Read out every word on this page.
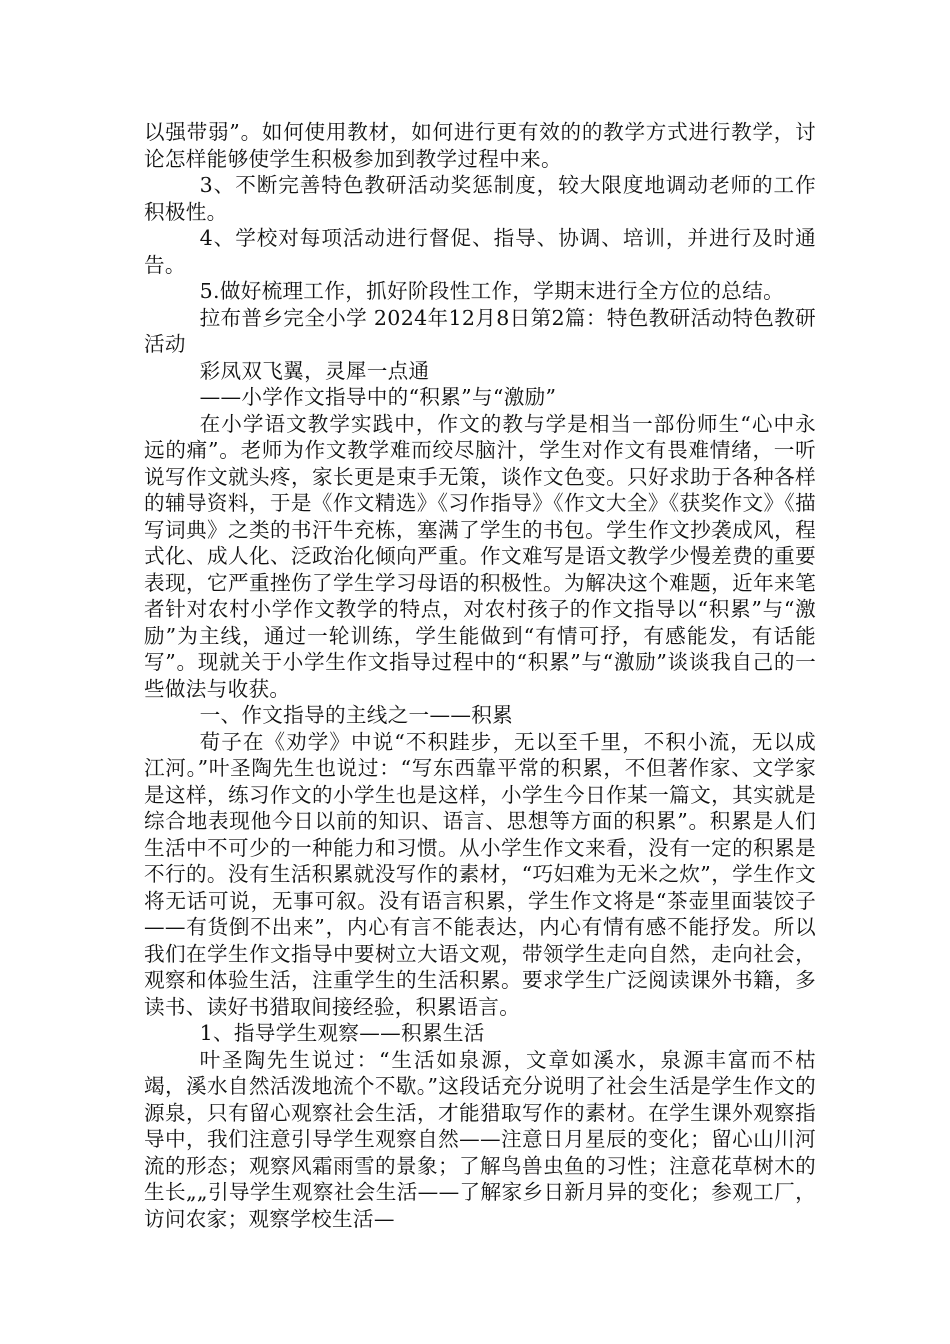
以强带弱”。如何使用教材，如何进行更有效的的教学方式进行教学，讨论怎样能够使学生积极参加到教学过程中来。

3、不断完善特色教研活动奖惩制度，较大限度地调动老师的工作积极性。

4、学校对每项活动进行督促、指导、协调、培训，并进行及时通告。

5.做好梳理工作，抓好阶段性工作，学期末进行全方位的总结。

拉布普乡完全小学 2024年12月8日第2篇：特色教研活动特色教研活动

彩凤双飞翼，灵犀一点通

——小学作文指导中的“积累”与“激励”

在小学语文教学实践中，作文的教与学是相当一部份师生“心中永远的痛”。老师为作文教学难而绞尽脑汁，学生对作文有畏难情绪，一听说写作文就头疼，家长更是束手无策，谈作文色变。只好求助于各种各样的辅导资料，于是《作文精选》《习作指导》《作文大全》《获奖作文》《描写词典》之类的书汗牛充栋，塞满了学生的书包。学生作文抄袭成风，程式化、成人化、泛政治化倾向严重。作文难写是语文教学少慢差费的重要表现，它严重挫伤了学生学习母语的积极性。为解决这个难题，近年来笔者针对农村小学作文教学的特点，对农村孩子的作文指导以“积累”与“激励”为主线，通过一轮训练，学生能做到“有情可抒，有感能发，有话能写”。现就关于小学生作文指导过程中的“积累”与“激励”谈谈我自己的一些做法与收获。

一、作文指导的主线之一——积累

荀子在《劝学》中说“不积跬步，无以至千里，不积小流，无以成江河。”叶圣陶先生也说过：“写东西靠平常的积累，不但著作家、文学家是这样，练习作文的小学生也是这样，小学生今日作某一篇文，其实就是综合地表现他今日以前的知识、语言、思想等方面的积累”。积累是人们生活中不可少的一种能力和习惯。从小学生作文来看，没有一定的积累是不行的。没有生活积累就没写作的素材，“巧妇难为无米之炊”，学生作文将无话可说，无事可叙。没有语言积累，学生作文将是“茶壶里面装饺子——有货倒不出来”，内心有言不能表达，内心有情有感不能抒发。所以我们在学生作文指导中要树立大语文观，带领学生走向自然，走向社会，观察和体验生活，注重学生的生活积累。要求学生广泛阅读课外书籍，多读书、读好书猎取间接经验，积累语言。

1、指导学生观察——积累生活

叶圣陶先生说过：“生活如泉源，文章如溪水，泉源丰富而不枯竭，溪水自然活泼地流个不歇。”这段话充分说明了社会生活是学生作文的源泉，只有留心观察社会生活，才能猎取写作的素材。在学生课外观察指导中，我们注意引导学生观察自然——注意日月星辰的变化；留心山川河流的形态；观察风霜雨雪的景象；了解鸟兽虫鱼的习性；注意花草树木的生长„„引导学生观察社会生活——了解家乡日新月异的变化；参观工厂，访问农家；观察学校生活—
